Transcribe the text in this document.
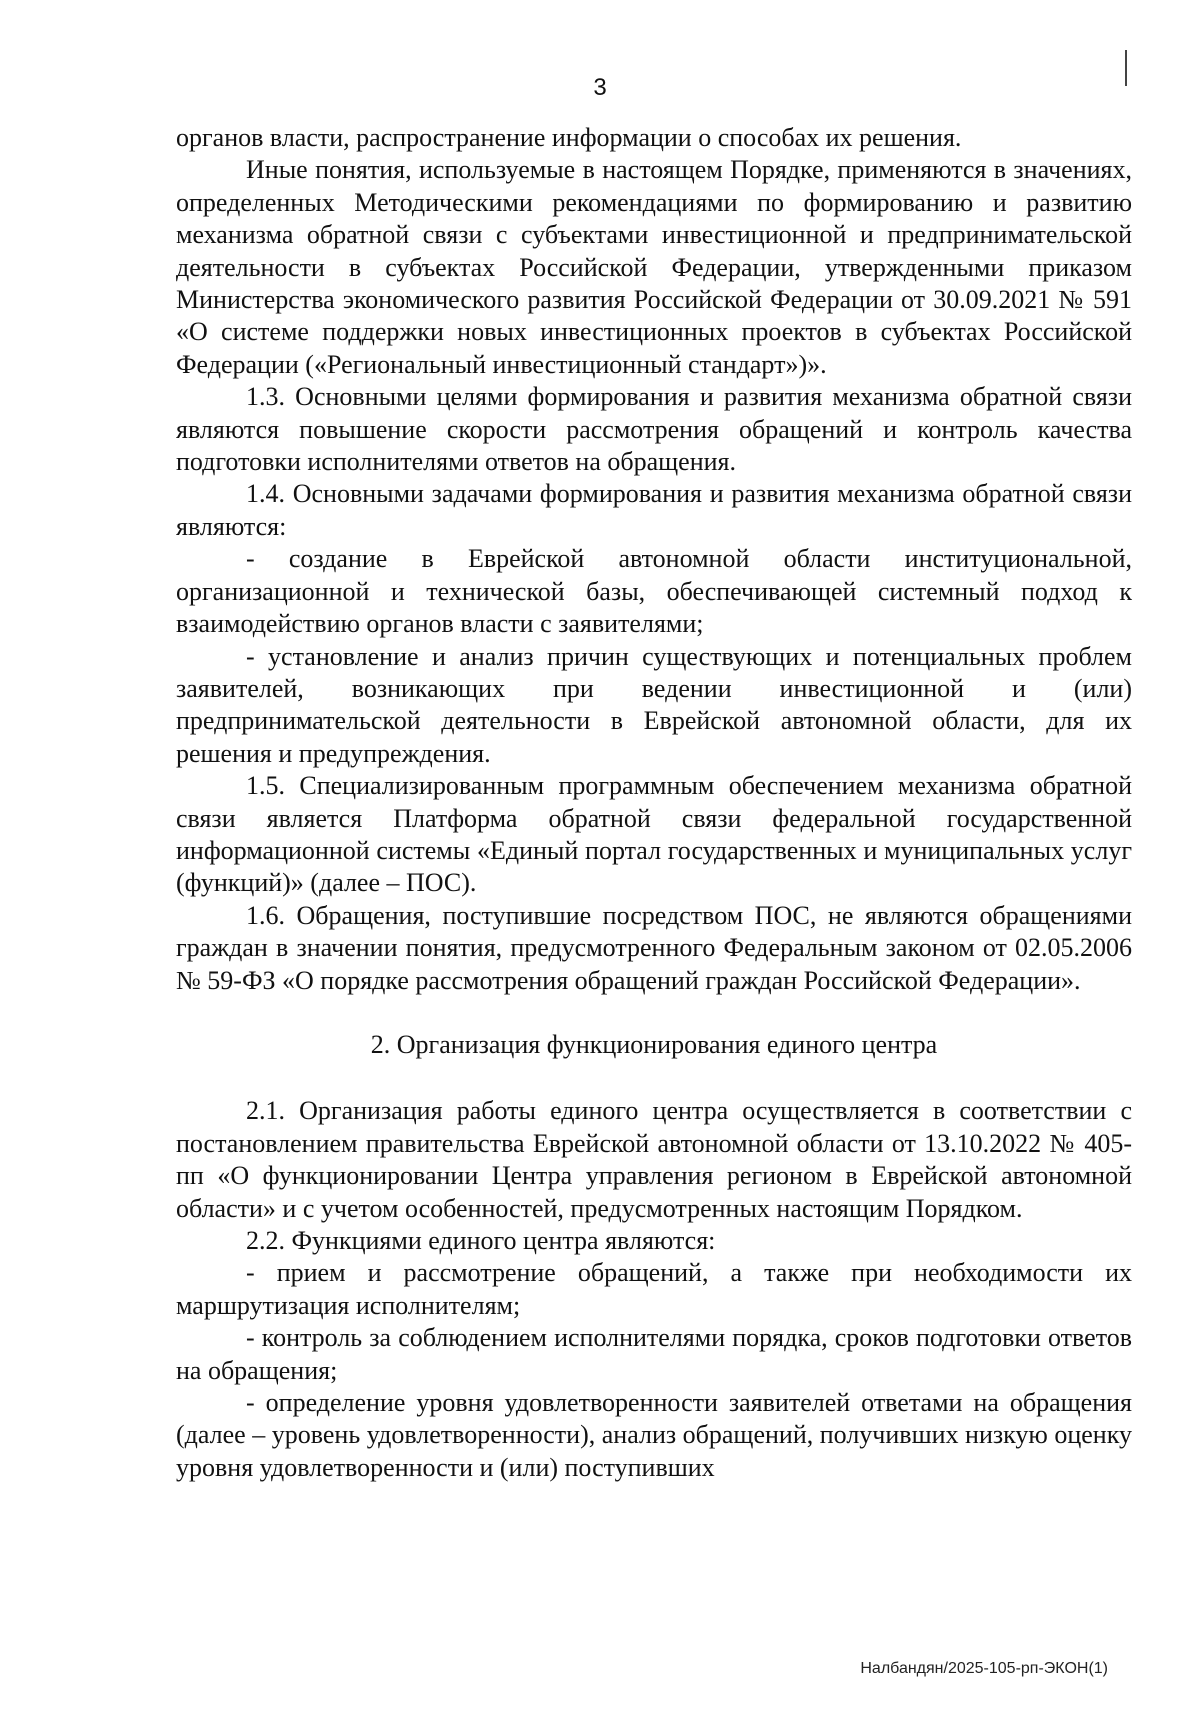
3

органов власти, распространение информации о способах их решения.

Иные понятия, используемые в настоящем Порядке, применяются в значениях, определенных Методическими рекомендациями по формированию и развитию механизма обратной связи с субъектами инвестиционной и предпринимательской деятельности в субъектах Российской Федерации, утвержденными приказом Министерства экономического развития Российской Федерации от 30.09.2021 № 591 «О системе поддержки новых инвестиционных проектов в субъектах Российской Федерации («Региональный инвестиционный стандарт»)».

1.3. Основными целями формирования и развития механизма обратной связи являются повышение скорости рассмотрения обращений и контроль качества подготовки исполнителями ответов на обращения.

1.4. Основными задачами формирования и развития механизма обратной связи являются:

- создание в Еврейской автономной области институциональной, организационной и технической базы, обеспечивающей системный подход к взаимодействию органов власти с заявителями;

- установление и анализ причин существующих и потенциальных проблем заявителей, возникающих при ведении инвестиционной и (или) предпринимательской деятельности в Еврейской автономной области, для их решения и предупреждения.

1.5. Специализированным программным обеспечением механизма обратной связи является Платформа обратной связи федеральной государственной информационной системы «Единый портал государственных и муниципальных услуг (функций)» (далее – ПОС).

1.6. Обращения, поступившие посредством ПОС, не являются обращениями граждан в значении понятия, предусмотренного Федеральным законом от 02.05.2006 № 59-ФЗ «О порядке рассмотрения обращений граждан Российской Федерации».

2. Организация функционирования единого центра

2.1. Организация работы единого центра осуществляется в соответствии с постановлением правительства Еврейской автономной области от 13.10.2022 № 405-пп «О функционировании Центра управления регионом в Еврейской автономной области» и с учетом особенностей, предусмотренных настоящим Порядком.

2.2. Функциями единого центра являются:

- прием и рассмотрение обращений, а также при необходимости их маршрутизация исполнителям;

- контроль за соблюдением исполнителями порядка, сроков подготовки ответов на обращения;

- определение уровня удовлетворенности заявителей ответами на обращения (далее – уровень удовлетворенности), анализ обращений, получивших низкую оценку уровня удовлетворенности и (или) поступивших

Налбандян/2025-105-рп-ЭКОН(1)
